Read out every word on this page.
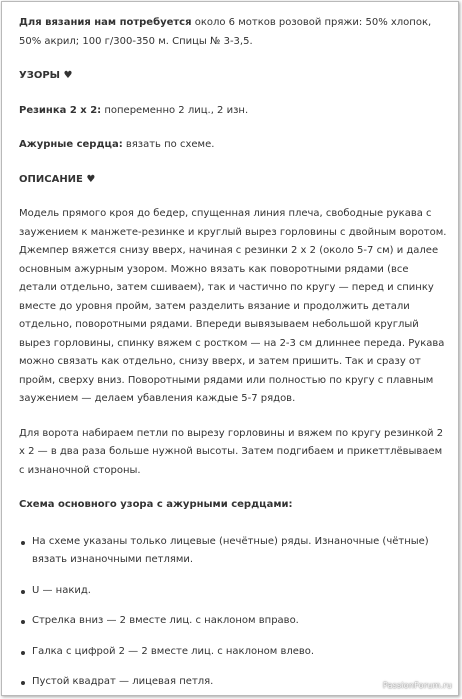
Для вязания нам потребуется около 6 мотков розовой пряжи: 50% хлопок, 50% акрил; 100 г/300-350 м. Спицы № 3-3,5.

УЗОРЫ ♥

Резинка 2 х 2: попеременно 2 лиц., 2 изн.

Ажурные сердца: вязать по схеме.

ОПИСАНИЕ ♥

Модель прямого кроя до бедер, спущенная линия плеча, свободные рукава с заужением к манжете-резинке и круглый вырез горловины с двойным воротом. Джемпер вяжется снизу вверх, начиная с резинки 2 х 2 (около 5-7 см) и далее основным ажурным узором. Можно вязать как поворотными рядами (все детали отдельно, затем сшиваем), так и частично по кругу — перед и спинку вместе до уровня пройм, затем разделить вязание и продолжить детали отдельно, поворотными рядами. Впереди вывязываем небольшой круглый вырез горловины, спинку вяжем с ростком — на 2-3 см длиннее переда. Рукава можно связать как отдельно, снизу вверх, и затем пришить. Так и сразу от пройм, сверху вниз. Поворотными рядами или полностью по кругу с плавным заужением — делаем убавления каждые 5-7 рядов.

Для ворота набираем петли по вырезу горловины и вяжем по кругу резинкой 2 х 2 — в два раза больше нужной высоты. Затем подгибаем и прикеттлёвываем с изнаночной стороны.

Схема основного узора с ажурными сердцами:

На схеме указаны только лицевые (нечётные) ряды. Изнаночные (чётные) вязать изнаночными петлями.
U — накид.
Стрелка вниз — 2 вместе лиц. с наклоном вправо.
Галка с цифрой 2 — 2 вместе лиц. с наклоном влево.
Пустой квадрат — лицевая петля.	PassionForum.ru
